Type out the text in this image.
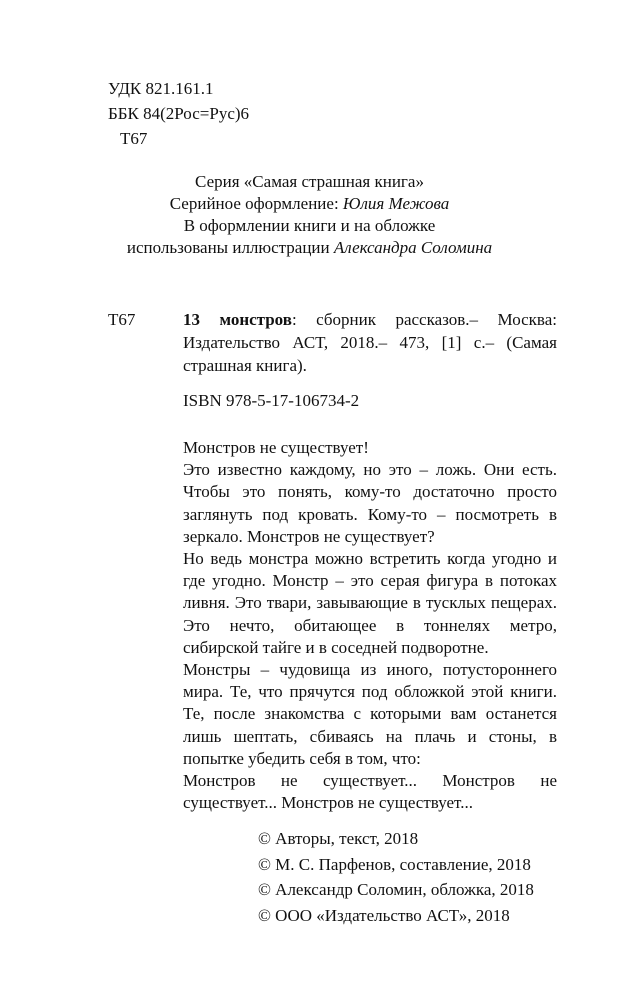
УДК 821.161.1
ББК 84(2Рос=Рус)6
Т67
Серия «Самая страшная книга»
Серийное оформление: Юлия Межова
В оформлении книги и на обложке
использованы иллюстрации Александра Соломина
Т67	13 монстров: сборник рассказов.– Москва: Издательство АСТ, 2018.– 473, [1] с.– (Самая страшная книга).

ISBN 978-5-17-106734-2

Монстров не существует!

Это известно каждому, но это – ложь. Они есть. Чтобы это понять, кому-то достаточно просто заглянуть под кровать. Кому-то – посмотреть в зеркало. Монстров не существует?

Но ведь монстра можно встретить когда угодно и где угодно. Монстр – это серая фигура в потоках ливня. Это твари, завывающие в тусклых пещерах. Это нечто, обитающее в тоннелях метро, сибирской тайге и в соседней подворотне.

Монстры – чудовища из иного, потустороннего мира. Те, что прячутся под обложкой этой книги. Те, после знакомства с которыми вам останется лишь шептать, сбиваясь на плачь и стоны, в попытке убедить себя в том, что:

Монстров не существует... Монстров не существует... Монстров не существует...

© Авторы, текст, 2018
© М. С. Парфенов, составление, 2018
© Александр Соломин, обложка, 2018
© ООО «Издательство АСТ», 2018
